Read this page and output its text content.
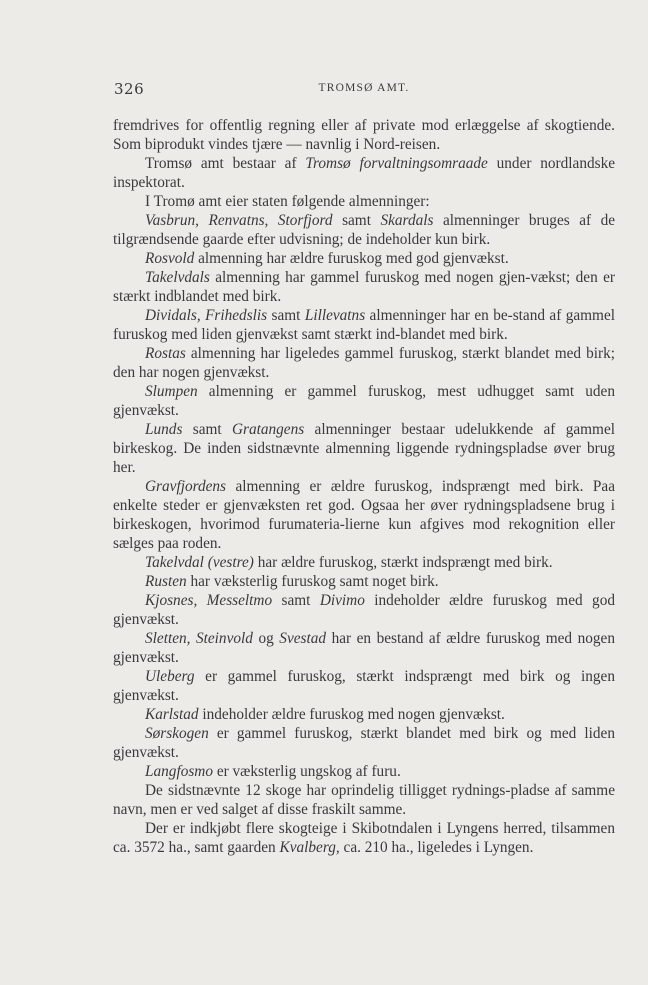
326	TROMSØ AMT.

fremdrives for offentlig regning eller af private mod erlæggelse af skogtiende. Som biprodukt vindes tjære — navnlig i Nord-reisen.

Tromsø amt bestaar af Tromsø forvaltningsomraade under nordlandske inspektorat.

I Tromø amt eier staten følgende almenninger:

Vasbrun, Renvatns, Storfjord samt Skardals almenninger bruges af de tilgrændsende gaarde efter udvisning; de indeholder kun birk.

Rosvold almenning har ældre furuskog med god gjenvækst.

Takelvdals almenning har gammel furuskog med nogen gjen-vækst; den er stærkt indblandet med birk.

Dividals, Frihedslis samt Lillevatns almenninger har en be-stand af gammel furuskog med liden gjenvækst samt stærkt ind-blandet med birk.

Rostas almenning har ligeledes gammel furuskog, stærkt blandet med birk; den har nogen gjenvækst.

Slumpen almenning er gammel furuskog, mest udhugget samt uden gjenvækst.

Lunds samt Gratangens almenninger bestaar udelukkende af gammel birkeskog. De inden sidstnævnte almenning liggende rydningspladse øver brug her.

Gravfjordens almenning er ældre furuskog, indsprængt med birk. Paa enkelte steder er gjenvæksten ret god. Ogsaa her øver rydningspladsene brug i birkeskogen, hvorimod furumateria-lierne kun afgives mod rekognition eller sælges paa roden.

Takelvdal (vestre) har ældre furuskog, stærkt indsprængt med birk.

Rusten har væksterlig furuskog samt noget birk.

Kjosnes, Messeltmo samt Divimo indeholder ældre furuskog med god gjenvækst.

Sletten, Steinvold og Svestad har en bestand af ældre furuskog med nogen gjenvækst.

Uleberg er gammel furuskog, stærkt indsprængt med birk og ingen gjenvækst.

Karlstad indeholder ældre furuskog med nogen gjenvækst.

Sørskogen er gammel furuskog, stærkt blandet med birk og med liden gjenvækst.

Langfosmo er væksterlig ungskog af furu.

De sidstnævnte 12 skoge har oprindelig tilligget rydnings-pladse af samme navn, men er ved salget af disse fraskilt samme.

Der er indkjøbt flere skogteige i Skibotndalen i Lyngens herred, tilsammen ca. 3572 ha., samt gaarden Kvalberg, ca. 210 ha., ligeledes i Lyngen.
